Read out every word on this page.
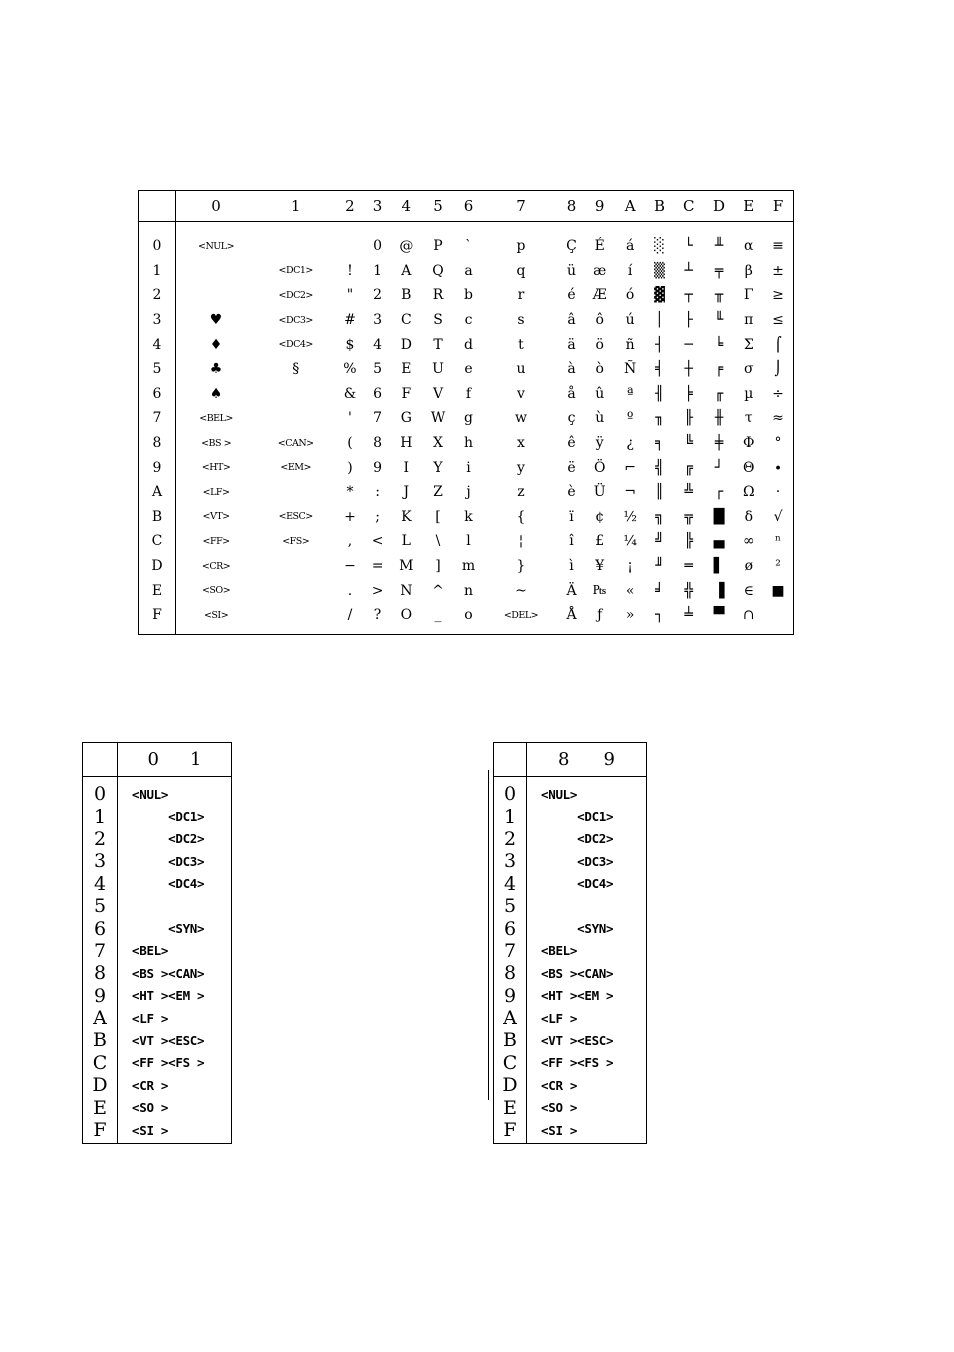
	0	1	2	3	4	5	6	7	8	9	A	B	C	D	E	F
0	<NUL>			0	@	P	`	p	Ç	É	á	░	└	╨	α	≡
1		<DC1>	!	1	A	Q	a	q	ü	æ	í	▒	┴	╤	β	±
2		<DC2>	"	2	B	R	b	r	é	Æ	ó	▓	┬	╥	Γ	≥
3	♥	<DC3>	#	3	C	S	c	s	â	ô	ú	│	├	╙	π	≤
4	♦	<DC4>	$	4	D	T	d	t	ä	ö	ñ	┤	─	╘	Σ	⌠
5	♣	§	%	5	E	U	e	u	à	ò	Ñ	╡	┼	╒	σ	⌡
6	♠		&	6	F	V	f	v	å	û	ª	╢	╞	╓	µ	÷
7	<BEL>		'	7	G	W	g	w	ç	ù	º	╖	╟	╫	τ	≈
8	<BS >	<CAN>	(	8	H	X	h	x	ê	ÿ	¿	╕	╚	╪	Φ	°
9	<HT>	<EM>	)	9	I	Y	i	y	ë	Ö	⌐	╣	╔	┘	Θ	∙
A	<LF>		*	:	J	Z	j	z	è	Ü	¬	║	╩	┌	Ω	·
B	<VT>	<ESC>	+	;	K	[	k	{	ï	¢	½	╗	╦	█	δ	√
C	<FF>	<FS>	,	<	L	\	l	¦	î	£	¼	╝	╠	▄	∞	ⁿ
D	<CR>		−	=	M	]	m	}	ì	¥	¡	╜	═	▌	ø	²
E	<SO>		.	>	N	^	n	~	Ä	₧	«	╛	╬	▐	∈	■
F	<SI>		/	?	O	_	o	<DEL>	Å	ƒ	»	┐	╧	▀	∩	

	0 1

0	<NUL>
1	<DC1>
2	<DC2>
3	<DC3>
4	<DC4>
5	
6	<SYN>
7	<BEL>
8	<BS ><CAN>
9	<HT ><EM >
A	<LF >
B	<VT ><ESC>
C	<FF ><FS >
D	<CR >
E	<SO >
F	<SI >

	8 9

0	<NUL>
1	<DC1>
2	<DC2>
3	<DC3>
4	<DC4>
5	
6	<SYN>
7	<BEL>
8	<BS ><CAN>
9	<HT ><EM >
A	<LF >
B	<VT ><ESC>
C	<FF ><FS >
D	<CR >
E	<SO >
F	<SI >
